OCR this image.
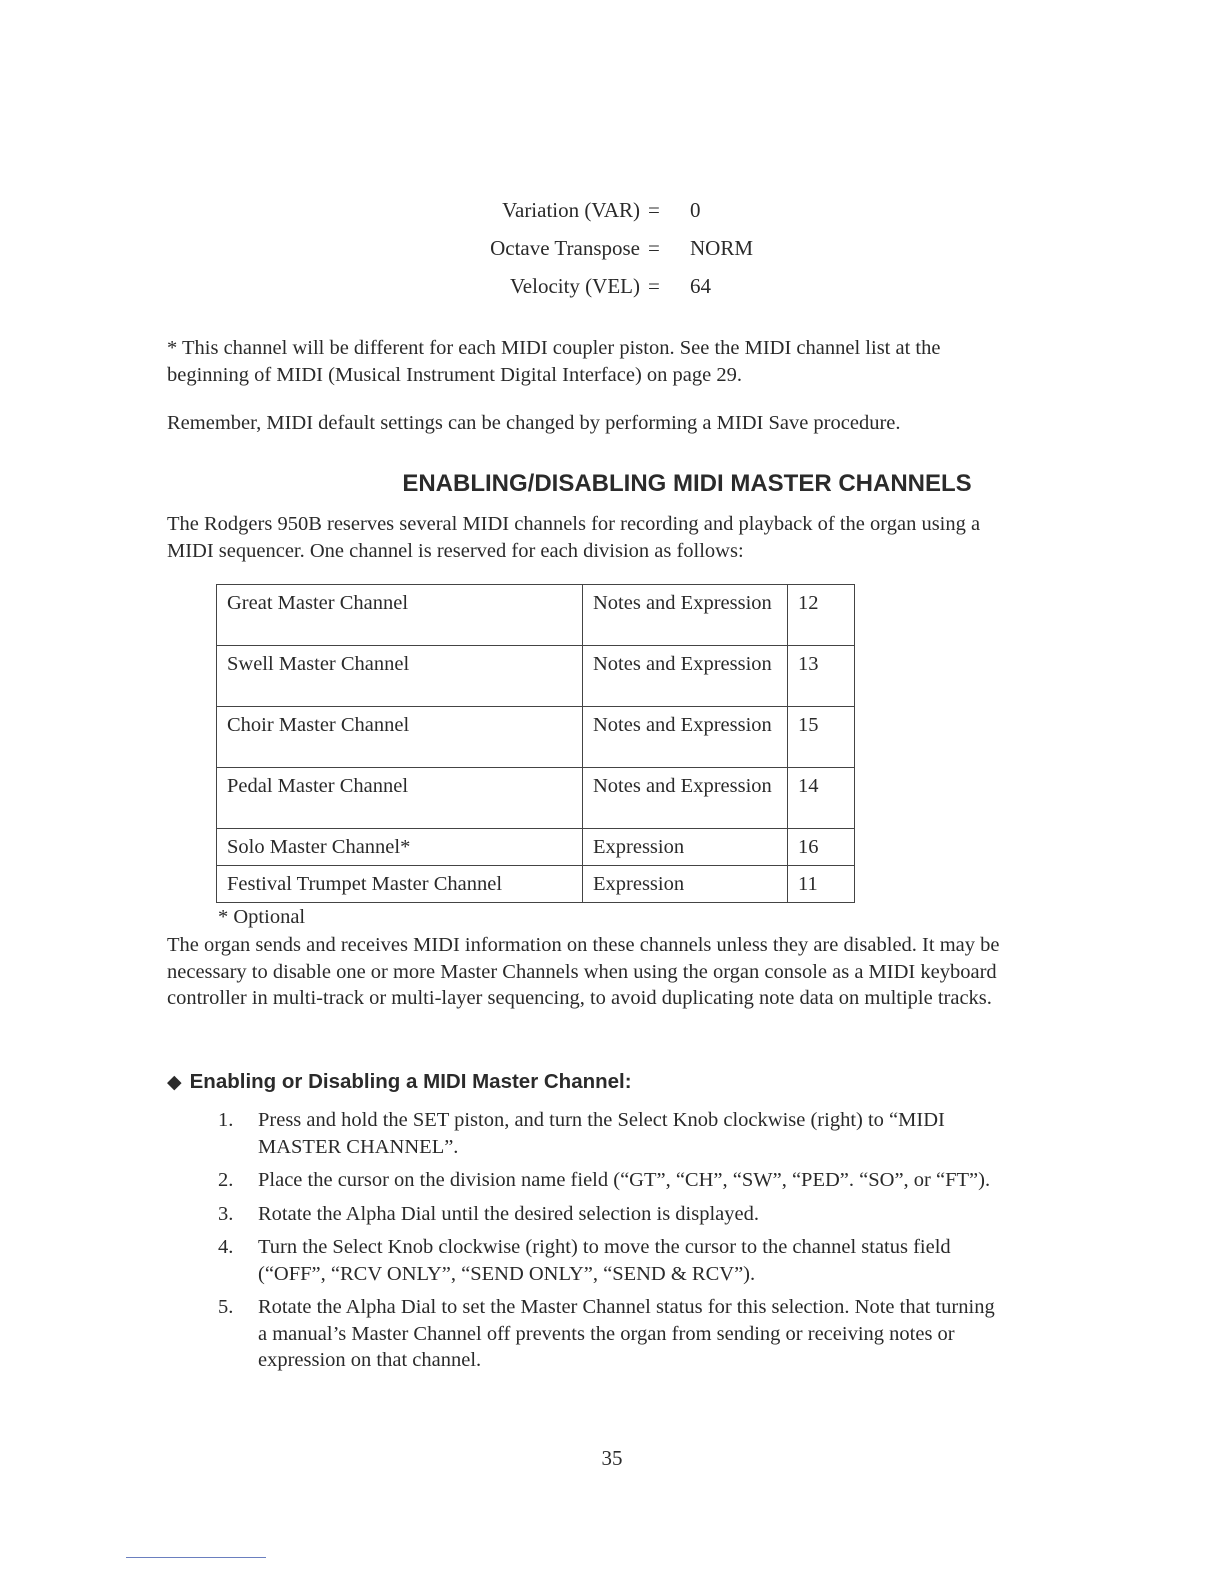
Variation (VAR) = 0
Octave Transpose = NORM
Velocity (VEL) = 64

* This channel will be different for each MIDI coupler piston. See the MIDI channel list at the beginning of MIDI (Musical Instrument Digital Interface) on page 29.

Remember, MIDI default settings can be changed by performing a MIDI Save procedure.

ENABLING/DISABLING MIDI MASTER CHANNELS

The Rodgers 950B reserves several MIDI channels for recording and playback of the organ using a MIDI sequencer. One channel is reserved for each division as follows:

Great Master Channel	Notes and Expression	12
Swell Master Channel	Notes and Expression	13
Choir Master Channel	Notes and Expression	15
Pedal Master Channel	Notes and Expression	14
Solo Master Channel*	Expression	16
Festival Trumpet Master Channel	Expression	11
* Optional

The organ sends and receives MIDI information on these channels unless they are disabled. It may be necessary to disable one or more Master Channels when using the organ console as a MIDI keyboard controller in multi-track or multi-layer sequencing, to avoid duplicating note data on multiple tracks.

◆ Enabling or Disabling a MIDI Master Channel:
1. Press and hold the SET piston, and turn the Select Knob clockwise (right) to “MIDI MASTER CHANNEL”.
2. Place the cursor on the division name field (“GT”, “CH”, “SW”, “PED”. “SO”, or “FT”).
3. Rotate the Alpha Dial until the desired selection is displayed.
4. Turn the Select Knob clockwise (right) to move the cursor to the channel status field (“OFF”, “RCV ONLY”, “SEND ONLY”, “SEND & RCV”).
5. Rotate the Alpha Dial to set the Master Channel status for this selection. Note that turning a manual’s Master Channel off prevents the organ from sending or receiving notes or expression on that channel.
35
